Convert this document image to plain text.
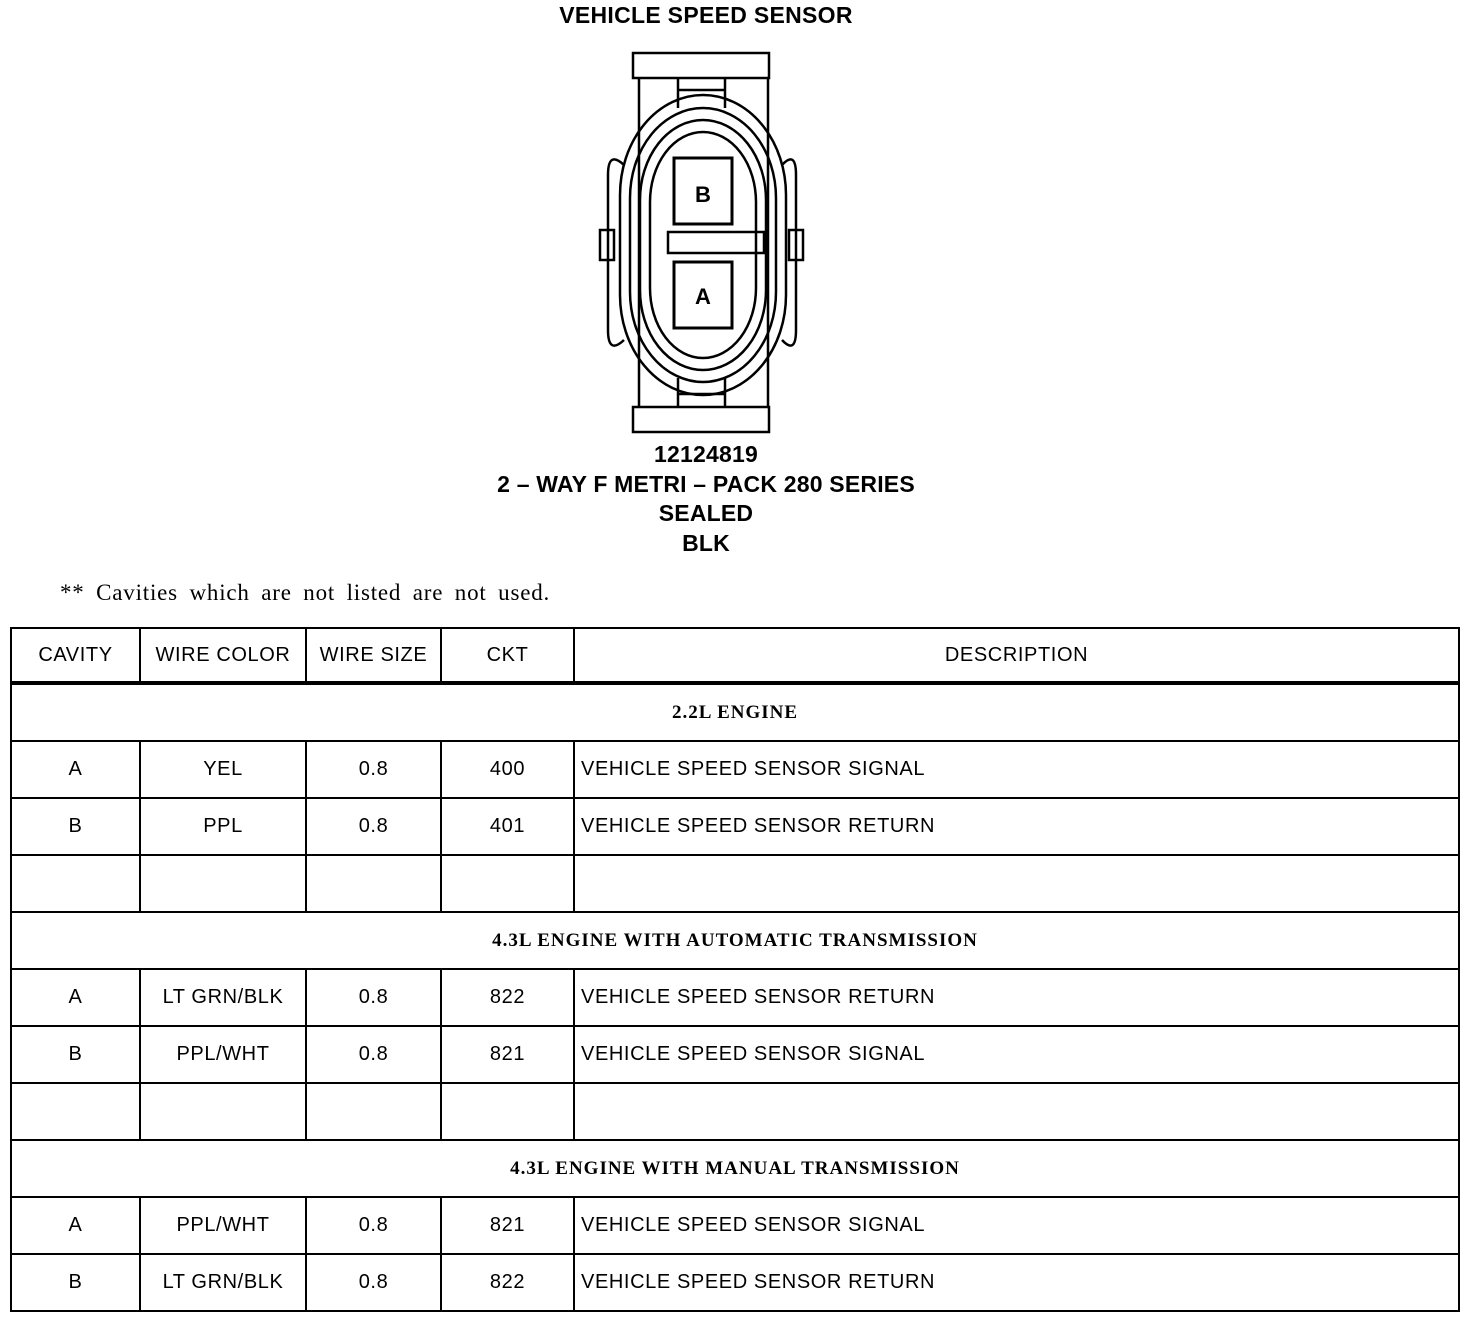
VEHICLE SPEED SENSOR
B
A
12124819
2 – WAY F METRI – PACK 280 SERIES
SEALED
BLK
** Cavities which are not listed are not used.
CAVITY	WIRE COLOR	WIRE SIZE	CKT	DESCRIPTION
2.2L ENGINE				
A	YEL	0.8	400	VEHICLE SPEED SENSOR SIGNAL
B	PPL	0.8	401	VEHICLE SPEED SENSOR RETURN

4.3L ENGINE WITH AUTOMATIC TRANSMISSION				
A	LT GRN/BLK	0.8	822	VEHICLE SPEED SENSOR RETURN
B	PPL/WHT	0.8	821	VEHICLE SPEED SENSOR SIGNAL

4.3L ENGINE WITH MANUAL TRANSMISSION				
A	PPL/WHT	0.8	821	VEHICLE SPEED SENSOR SIGNAL
B	LT GRN/BLK	0.8	822	VEHICLE SPEED SENSOR RETURN
